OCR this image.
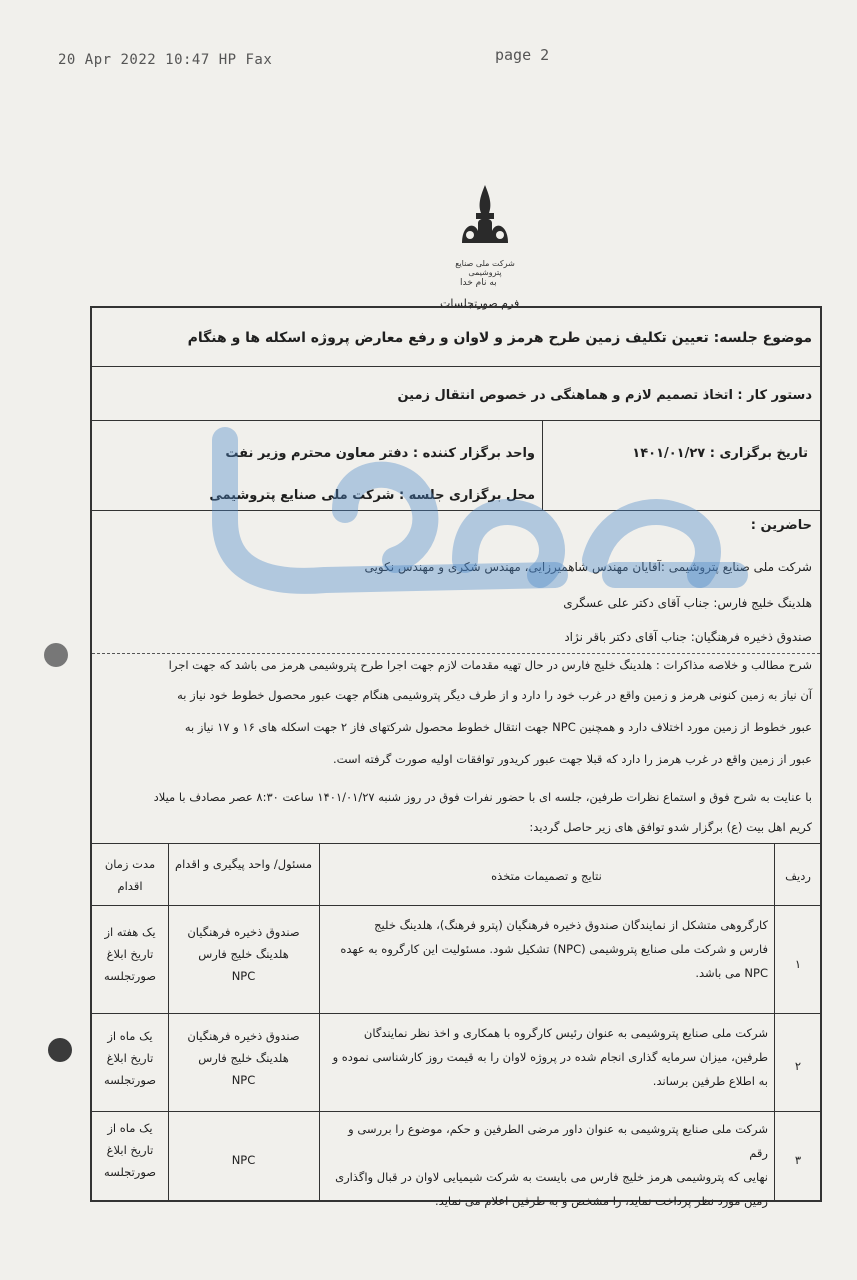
20 Apr 2022 10:47 HP Fax	page 2
شرکت ملی صنایع پتروشیمی
به نام خدا
فرم صورتجلسات
موضوع جلسه: تعیین تکلیف زمین طرح هرمز و لاوان و رفع معارض پروژه اسکله ها و هنگام
دستور کار : اتخاذ تصمیم لازم و هماهنگی در خصوص انتقال زمین
تاریخ برگزاری : ۱۴۰۱/۰۱/۲۷
واحد برگزار کننده : دفتر معاون محترم وزیر نفت
محل برگزاری جلسه : شرکت ملی صنایع پتروشیمی
حاضرین :
شرکت ملی صنایع پتروشیمی :آقایان مهندس شاهمیرزایی، مهندس شکری و مهندس نکویی
هلدینگ خلیج فارس: جناب آقای دکتر علی عسگری
صندوق ذخیره فرهنگیان: جناب آقای دکتر باقر نژاد
شرح مطالب و خلاصه مذاکرات : هلدینگ خلیج فارس در حال تهیه مقدمات لازم جهت اجرا طرح پتروشیمی هرمز می باشد که جهت اجرا
آن نیاز به زمین کنونی هرمز و زمین واقع در غرب خود را دارد و از طرف دیگر پتروشیمی هنگام جهت عبور محصول خطوط خود نیاز به
عبور خطوط از زمین مورد اختلاف دارد و همچنین NPC جهت انتقال خطوط محصول شرکتهای فاز ۲ جهت اسکله های ۱۶ و ۱۷ نیاز به
عبور از زمین واقع در غرب هرمز را دارد که قبلا جهت عبور کریدور توافقات اولیه صورت گرفته است.
با عنایت به شرح فوق و استماع نظرات طرفین، جلسه ای با حضور نفرات فوق در روز شنبه ۱۴۰۱/۰۱/۲۷ ساعت ۸:۳۰ عصر مصادف با میلاد
کریم اهل بیت (ع) برگزار شدو توافق های زیر حاصل گردید:
مدت زمان اقدام
مسئول/ واحد پیگیری و اقدام
نتایج و تصمیمات متخذه	ردیف
۱
کارگروهی متشکل از نمایندگان صندوق ذخیره فرهنگیان (پترو فرهنگ)، هلدینگ خلیج
فارس و شرکت ملی صنایع پتروشیمی (NPC) تشکیل شود. مسئولیت این کارگروه به عهده
NPC می باشد.
صندوق ذخیره فرهنگیان
هلدینگ خلیج فارس
NPC
یک هفته از
تاریخ ابلاغ
صورتجلسه
۲
شرکت ملی صنایع پتروشیمی به عنوان رئیس کارگروه با همکاری و اخذ نظر نمایندگان
طرفین، میزان سرمایه گذاری انجام شده در پروژه لاوان را به قیمت روز کارشناسی نموده و
به اطلاع طرفین برساند.
صندوق ذخیره فرهنگیان
هلدینگ خلیج فارس
NPC
یک ماه از
تاریخ ابلاغ
صورتجلسه
۳
شرکت ملی صنایع پتروشیمی به عنوان داور مرضی الطرفین و حکم، موضوع را بررسی و رقم
نهایی که پتروشیمی هرمز خلیج فارس می بایست به شرکت شیمیایی لاوان در قبال واگذاری
زمین مورد نظر پرداخت نماید، را مشخص و به طرفین اعلام می نماید.
NPC
یک ماه از
تاریخ ابلاغ
صورتجلسه
